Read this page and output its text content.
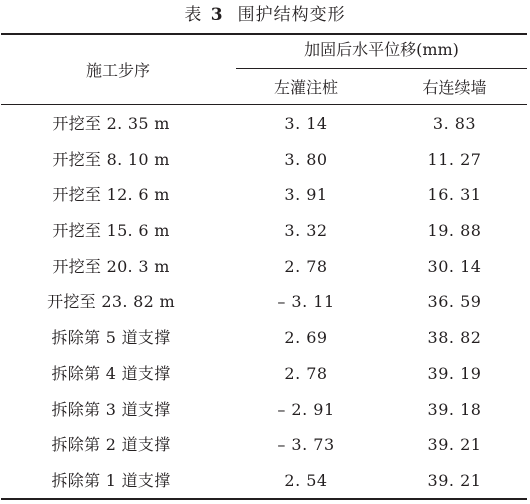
表 3 围护结构变形
加固后水平位移(mm)
施工步序
左灌注桩	右连续墙
开挖至 2. 35 m	3. 14	3. 83
开挖至 8. 10 m	3. 80	11. 27
开挖至 12. 6 m	3. 91	16. 31
开挖至 15. 6 m	3. 32	19. 88
开挖至 20. 3 m	2. 78	30. 14
开挖至 23. 82 m	– 3. 11	36. 59
拆除第 5 道支撑	2. 69	38. 82
拆除第 4 道支撑	2. 78	39. 19
拆除第 3 道支撑	– 2. 91	39. 18
拆除第 2 道支撑	– 3. 73	39. 21
拆除第 1 道支撑	2. 54	39. 21
